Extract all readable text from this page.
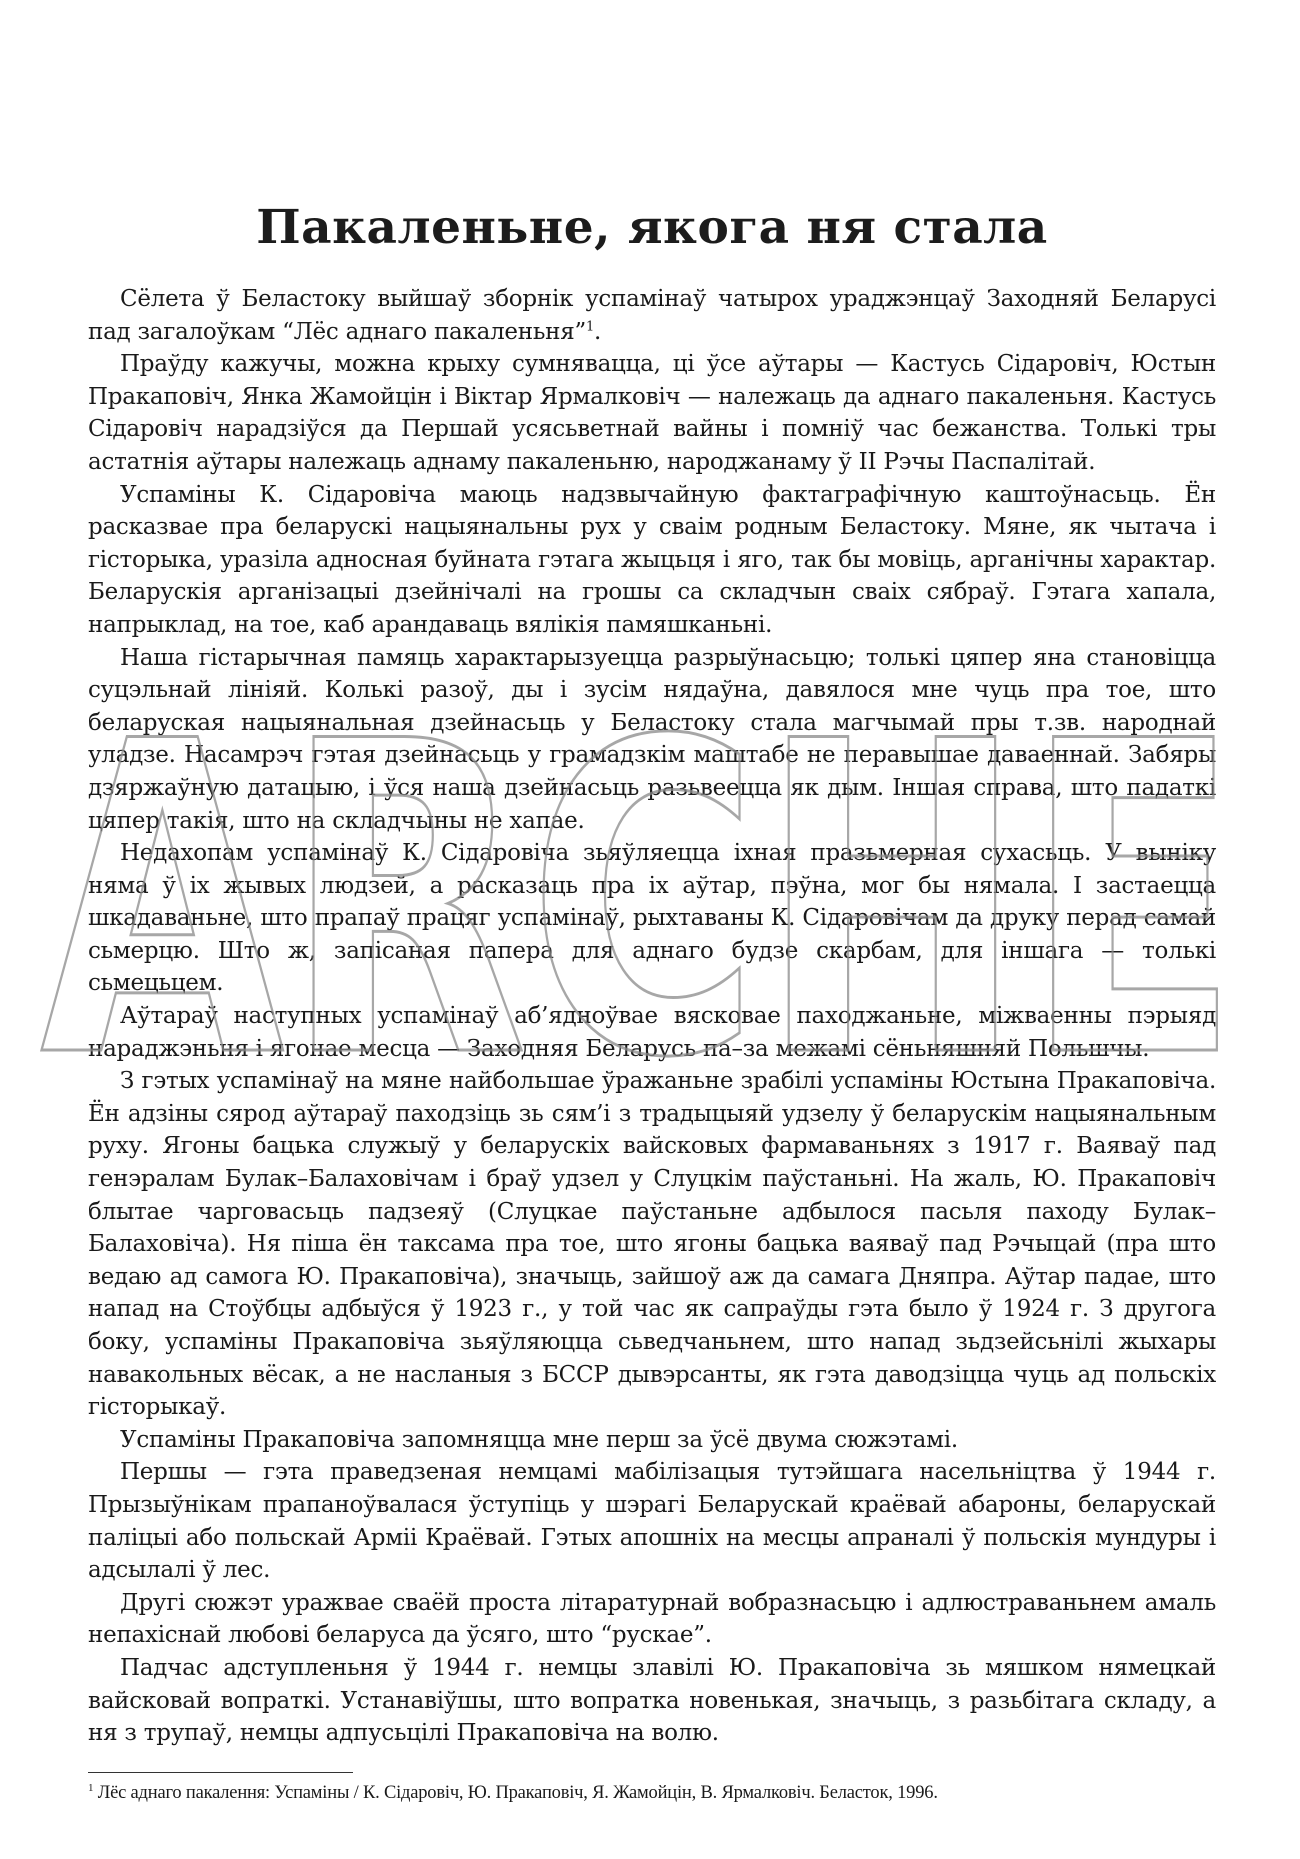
Пакаленьне, якога ня стала

Сёлета ў Беластоку выйшаў зборнік успамінаў чатырох ураджэнцаў Заходняй Беларусі пад загалоўкам “Лёс аднаго пакаленьня”$^1$.

Праўду кажучы, можна крыху сумнявацца, ці ўсе аўтары — Кастусь Сідаровіч, Юстын Пракаповіч, Янка Жамойцін і Віктар Ярмалковіч — належаць да аднаго пакаленьня. Кастусь Сідаровіч нарадзіўся да Першай усясьветнай вайны і помніў час бежанства. Толькі тры астатнія аўтары належаць аднаму пакаленьню, народжанаму ў ІІ Рэчы Паспалітай.

Успаміны К. Сідаровіча маюць надзвычайную фактаграфічную каштоўнасьць. Ён расказвае пра беларускі нацыянальны рух у сваім родным Беластоку. Мяне, як чытача і гісторыка, уразіла адносная буйната гэтага жыцьця і яго, так бы мовіць, арганічны характар. Беларускія арганізацыі дзейнічалі на грошы са складчын сваіх сябраў. Гэтага хапала, напрыклад, на тое, каб арандаваць вялікія памяшканьні.

Наша гістарычная памяць характарызуецца разрыўнасьцю; толькі цяпер яна становіцца суцэльнай лініяй. Колькі разоў, ды і зусім нядаўна, давялося мне чуць пра тое, што беларуская нацыянальная дзейнасьць у Беластоку стала магчымай пры т.зв. народнай уладзе. Насамрэч гэтая дзейнасьць у грамадзкім маштабе не перавышае даваеннай. Забяры дзяржаўную датацыю, і ўся наша дзейнасьць разьвеецца як дым. Іншая справа, што падаткі цяпер такія, што на складчыны не хапае.

Недахопам успамінаў К. Сідаровіча зьяўляецца іхная празьмерная сухасьць. У выніку няма ў іх жывых людзей, а расказаць пра іх аўтар, пэўна, мог бы нямала. І застаецца шкадаваньне, што прапаў працяг успамінаў, рыхтаваны К. Сідаровічам да друку перад самай сьмерцю. Што ж, запісаная папера для аднаго будзе скарбам, для іншага — толькі сьмецьцем.

Аўтараў наступных успамінаў аб’ядноўвае вясковае паходжаньне, міжваенны пэрыяд нараджэньня і ягонае месца — Заходняя Беларусь па–за межамі сёньняшняй Польшчы.

З гэтых успамінаў на мяне найбольшае ўражаньне зрабілі успаміны Юстына Пракаповіча. Ён адзіны сярод аўтараў паходзіць зь сям’і з традыцыяй удзелу ў беларускім нацыянальным руху. Ягоны бацька служыў у беларускіх вайсковых фармаваньнях з 1917 г. Ваяваў пад генэралам Булак–Балаховічам і браў удзел у Слуцкім паўстаньні. На жаль, Ю. Пракаповіч блытае чарговасьць падзеяў (Слуцкае паўстаньне адбылося пасьля паходу Булак–Балаховіча). Ня піша ён таксама пра тое, што ягоны бацька ваяваў пад Рэчыцай (пра што ведаю ад самога Ю. Пракаповіча), значыць, зайшоў аж да самага Дняпра. Аўтар падае, што напад на Стоўбцы адбыўся ў 1923 г., у той час як сапраўды гэта было ў 1924 г. З другога боку, успаміны Пракаповіча зьяўляюцца сьведчаньнем, што напад зьдзейсьнілі жыхары навакольных вёсак, а не насланыя з БССР дывэрсанты, як гэта даводзіцца чуць ад польскіх гісторыкаў.

Успаміны Пракаповіча запомняцца мне перш за ўсё двума сюжэтамі.

Першы — гэта праведзеная немцамі мабілізацыя тутэйшага насельніцтва ў 1944 г. Прызыўнікам прапаноўвалася ўступіць у шэрагі Беларускай краёвай абароны, беларускай паліцыі або польскай Арміі Краёвай. Гэтых апошніх на месцы апраналі ў польскія мундуры і адсылалі ў лес.

Другі сюжэт уражвае сваёй проста літаратурнай вобразнасьцю і адлюстраваньнем амаль непахіснай любові беларуса да ўсяго, што “рускае”.

Падчас адступленьня ў 1944 г. немцы злавілі Ю. Пракаповіча зь мяшком нямецкай вайсковай вопраткі. Устанавіўшы, што вопратка новенькая, значыць, з разьбітага складу, а ня з трупаў, немцы адпусьцілі Пракаповіча на волю.

$^1$ Лёс аднаго пакалення: Успаміны / К. Сідаровіч, Ю. Пракаповіч, Я. Жамойцін, В. Ярмалковіч. Беласток, 1996.
ARCHE
